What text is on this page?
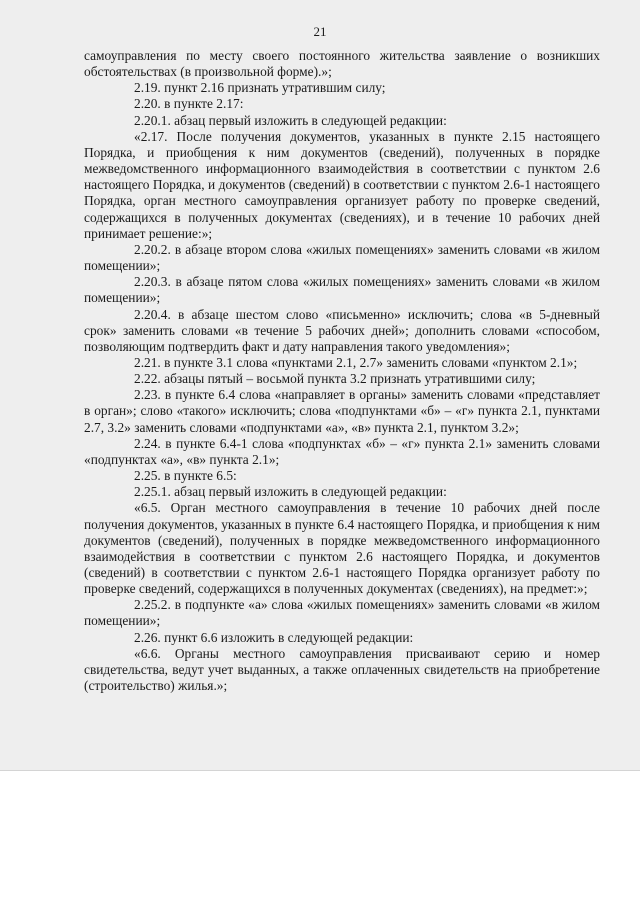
21

самоуправления по месту своего постоянного жительства заявление о возникших обстоятельствах (в произвольной форме).»;

2.19. пункт 2.16 признать утратившим силу;

2.20. в пункте 2.17:

2.20.1. абзац первый изложить в следующей редакции:

«2.17. После получения документов, указанных в пункте 2.15 настоящего Порядка, и приобщения к ним документов (сведений), полученных в порядке межведомственного информационного взаимодействия в соответствии с пунктом 2.6 настоящего Порядка, и документов (сведений) в соответствии с пунктом 2.6-1 настоящего Порядка, орган местного самоуправления организует работу по проверке сведений, содержащихся в полученных документах (сведениях), и в течение 10 рабочих дней принимает решение:»;

2.20.2. в абзаце втором слова «жилых помещениях» заменить словами «в жилом помещении»;

2.20.3. в абзаце пятом слова «жилых помещениях» заменить словами «в жилом помещении»;

2.20.4. в абзаце шестом слово «письменно» исключить; слова «в 5-дневный срок» заменить словами «в течение 5 рабочих дней»; дополнить словами «способом, позволяющим подтвердить факт и дату направления такого уведомления»;

2.21. в пункте 3.1 слова «пунктами 2.1, 2.7» заменить словами «пунктом 2.1»;

2.22. абзацы пятый – восьмой пункта 3.2 признать утратившими силу;

2.23. в пункте 6.4 слова «направляет в органы» заменить словами «представляет в орган»; слово «такого» исключить; слова «подпунктами «б» – «г» пункта 2.1, пунктами 2.7, 3.2» заменить словами «подпунктами «а», «в» пункта 2.1, пунктом 3.2»;

2.24. в пункте 6.4-1 слова «подпунктах «б» – «г» пункта 2.1» заменить словами «подпунктах «а», «в» пункта 2.1»;

2.25. в пункте 6.5:

2.25.1. абзац первый изложить в следующей редакции:

«6.5. Орган местного самоуправления в течение 10 рабочих дней после получения документов, указанных в пункте 6.4 настоящего Порядка, и приобщения к ним документов (сведений), полученных в порядке межведомственного информационного взаимодействия в соответствии с пунктом 2.6 настоящего Порядка, и документов (сведений) в соответствии с пунктом 2.6-1 настоящего Порядка организует работу по проверке сведений, содержащихся в полученных документах (сведениях), на предмет:»;

2.25.2. в подпункте «а» слова «жилых помещениях» заменить словами «в жилом помещении»;

2.26. пункт 6.6 изложить в следующей редакции:

«6.6. Органы местного самоуправления присваивают серию и номер свидетельства, ведут учет выданных, а также оплаченных свидетельств на приобретение (строительство) жилья.»;
